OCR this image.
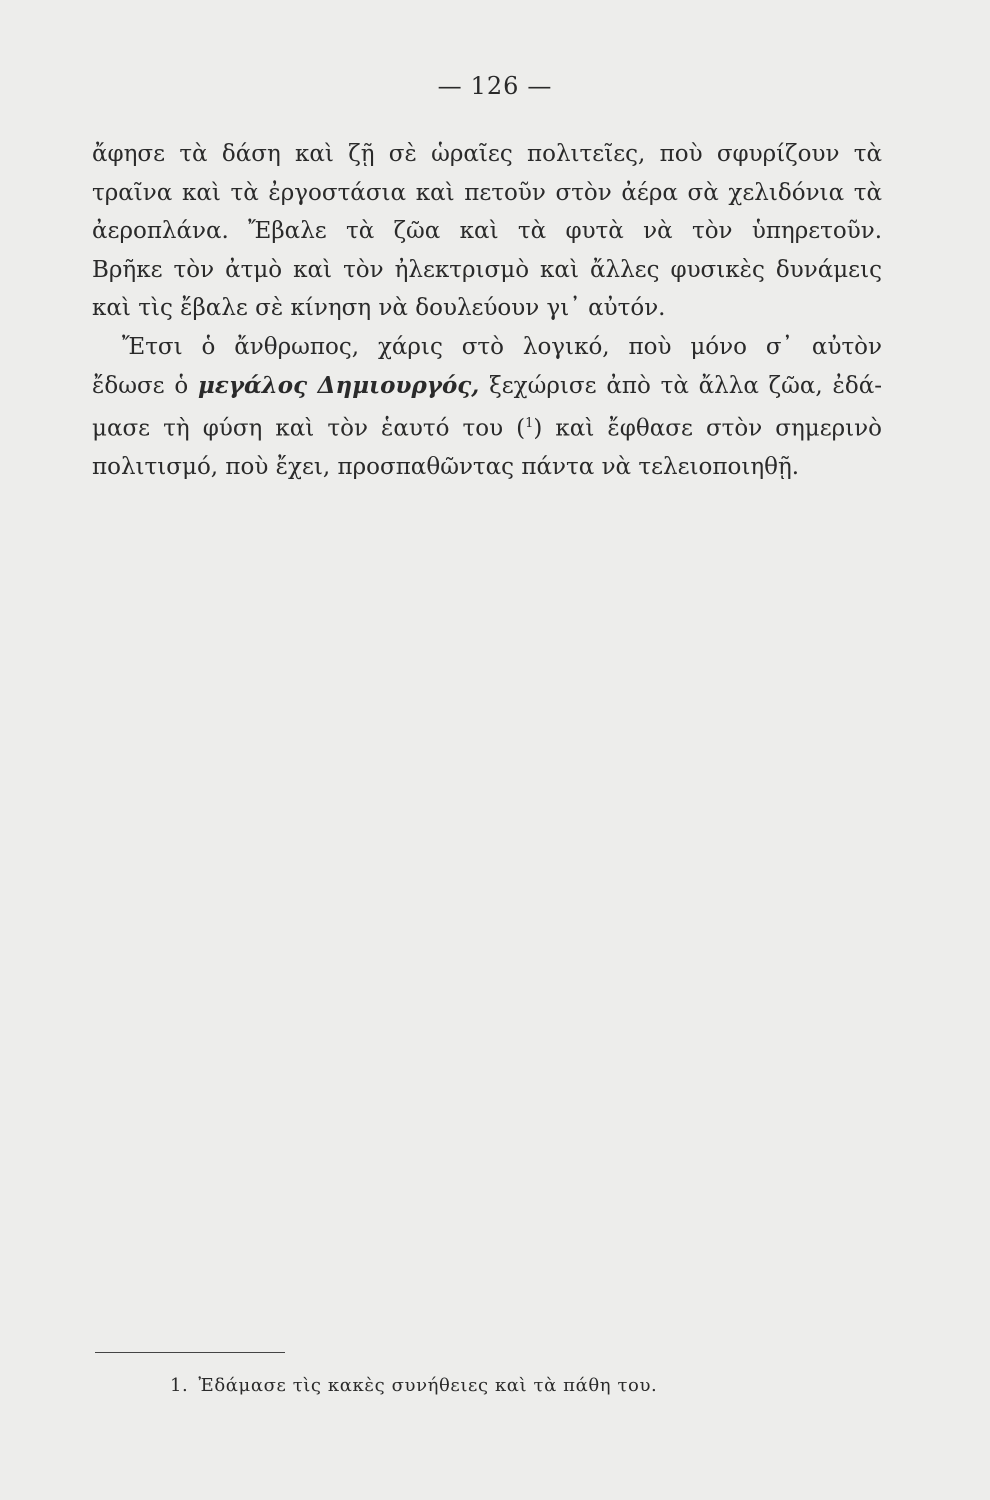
— 126 —
ἄφησε τὰ δάση καὶ ζῇ σὲ ὡραῖες πολιτεῖες, ποὺ σφυρίζουν τὰ
τραῖνα καὶ τὰ ἐργοστάσια καὶ πετοῦν στὸν ἀέρα σὰ χελιδόνια τὰ
ἀεροπλάνα. Ἔβαλε τὰ ζῶα καὶ τὰ φυτὰ νὰ τὸν ὑπηρετοῦν.
Βρῆκε τὸν ἀτμὸ καὶ τὸν ἠλεκτρισμὸ καὶ ἄλλες φυσικὲς δυνάμεις
καὶ τὶς ἔβαλε σὲ κίνηση νὰ δουλεύουν γι᾽ αὐτόν.
Ἔτσι ὁ ἄνθρωπος, χάρις στὸ λογικό, ποὺ μόνο σ᾽ αὐτὸν
ἔδωσε ὁ μεγάλος Δημιουργός, ξεχώρισε ἀπὸ τὰ ἄλλα ζῶα, ἐδά-
μασε τὴ φύση καὶ τὸν ἑαυτό του ($^1$) καὶ ἔφθασε στὸν σημερινὸ
πολιτισμό, ποὺ ἔχει, προσπαθῶντας πάντα νὰ τελειοποιηθῇ.
1. Ἐδάμασε τὶς κακὲς συνήθειες καὶ τὰ πάθη του.
